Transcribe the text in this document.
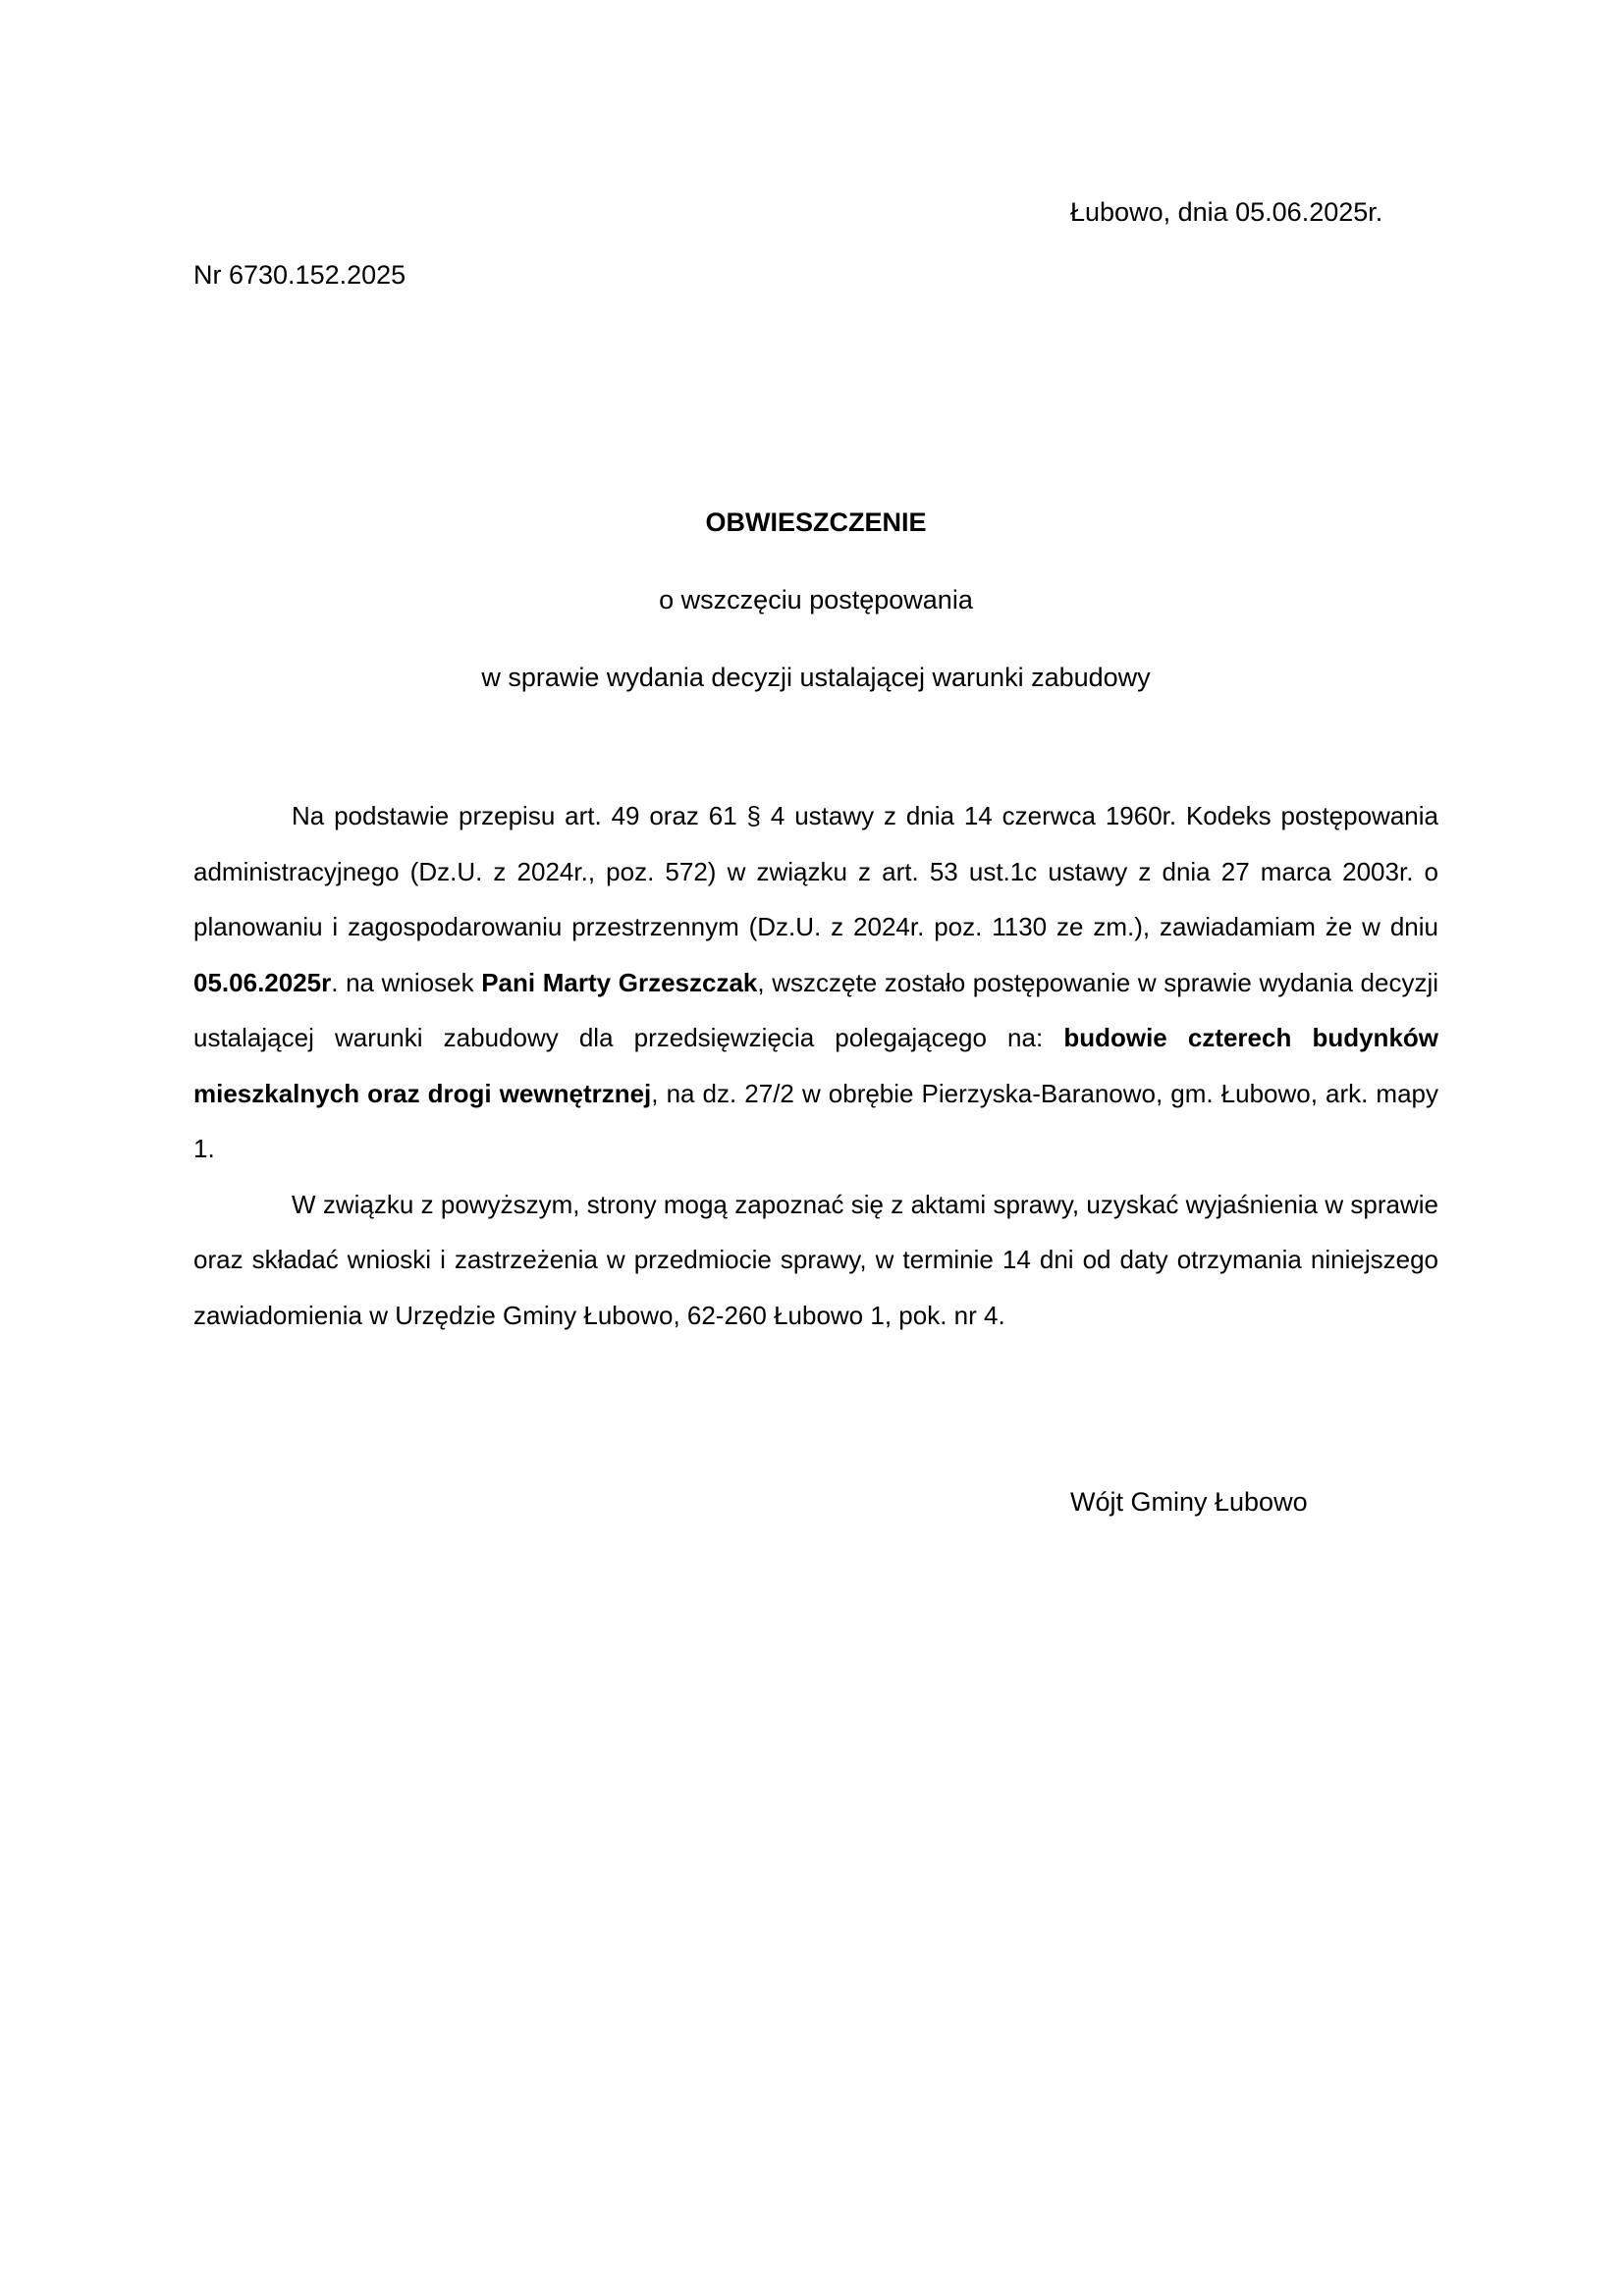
Łubowo, dnia 05.06.2025r.
Nr 6730.152.2025
OBWIESZCZENIE
o wszczęciu postępowania
w sprawie wydania decyzji ustalającej warunki zabudowy

Na podstawie przepisu art. 49 oraz 61 § 4 ustawy z dnia 14 czerwca 1960r. Kodeks postępowania administracyjnego (Dz.U. z 2024r., poz. 572) w związku z art. 53 ust.1c ustawy z dnia 27 marca 2003r. o planowaniu i zagospodarowaniu przestrzennym (Dz.U. z 2024r. poz. 1130 ze zm.), zawiadamiam że w dniu 05.06.2025r. na wniosek Pani Marty Grzeszczak, wszczęte zostało postępowanie w sprawie wydania decyzji ustalającej warunki zabudowy dla przedsięwzięcia polegającego na: budowie czterech budynków mieszkalnych oraz drogi wewnętrznej, na dz. 27/2 w obrębie Pierzyska-Baranowo, gm. Łubowo, ark. mapy 1.

W związku z powyższym, strony mogą zapoznać się z aktami sprawy, uzyskać wyjaśnienia w sprawie oraz składać wnioski i zastrzeżenia w przedmiocie sprawy, w terminie 14 dni od daty otrzymania niniejszego zawiadomienia w Urzędzie Gminy Łubowo, 62-260 Łubowo 1, pok. nr 4.

Wójt Gminy Łubowo
